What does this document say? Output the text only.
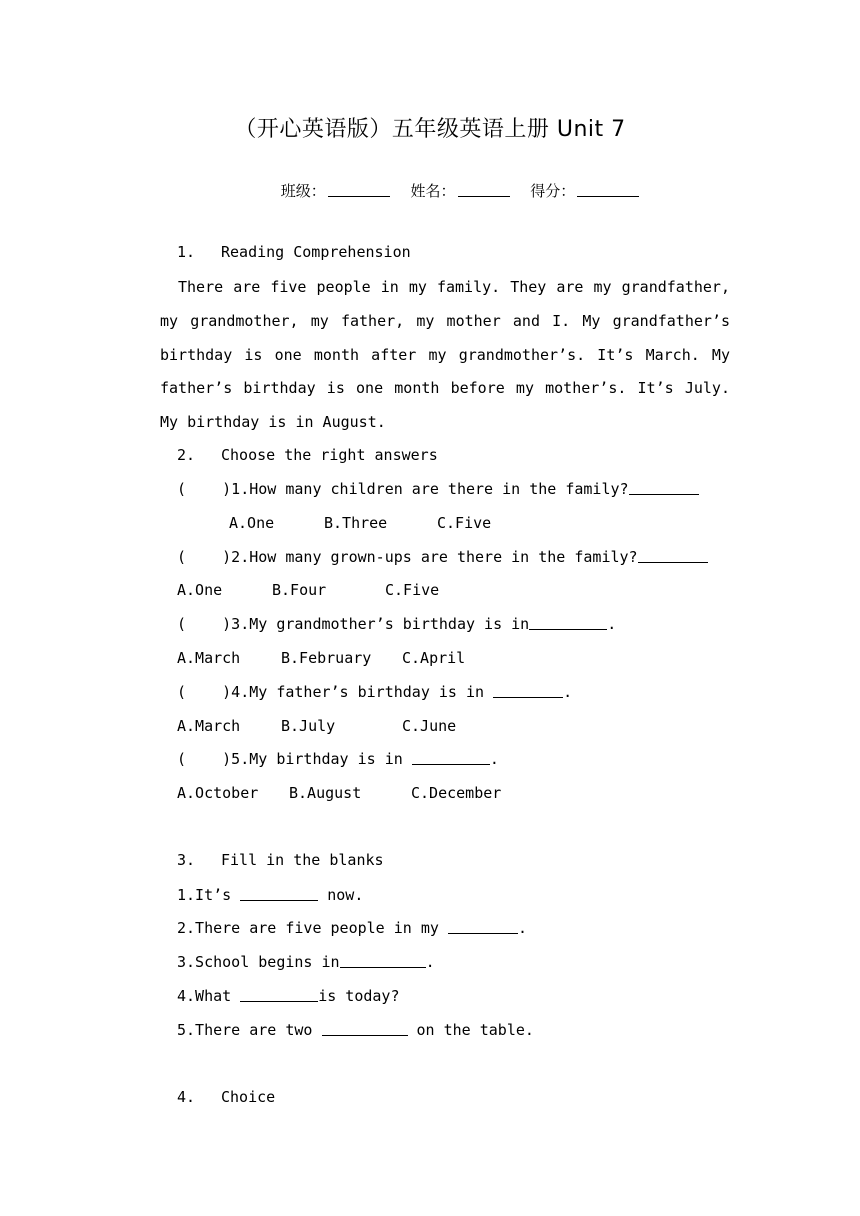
（开心英语版）五年级英语上册 Unit 7
班级：	姓名：	得分：
1. Reading Comprehension
There are five people in my family. They are my grandfather, my grandmother, my father, my mother and I. My grandfather’s birthday is one month after my grandmother’s. It’s March. My father’s birthday is one month before my mother’s. It’s July. My birthday is in August.
2. Choose the right answers
(    )1.How many children are there in the family?
A.One	B.Three	C.Five
(    )2.How many grown-ups are there in the family?
A.One	B.Four	C.Five
(    )3.My grandmother’s birthday is in	.
A.March	B.February C.April
(    )4.My father’s birthday is in	.
A.March	B.July	C.June
(    )5.My birthday is in	.
A.October B.August	C.December
3. Fill in the blanks
1.It’s	now.
2.There are five people in my	.
3.School begins in	.
4.What	is today?
5.There are two	on the table.
4. Choice
